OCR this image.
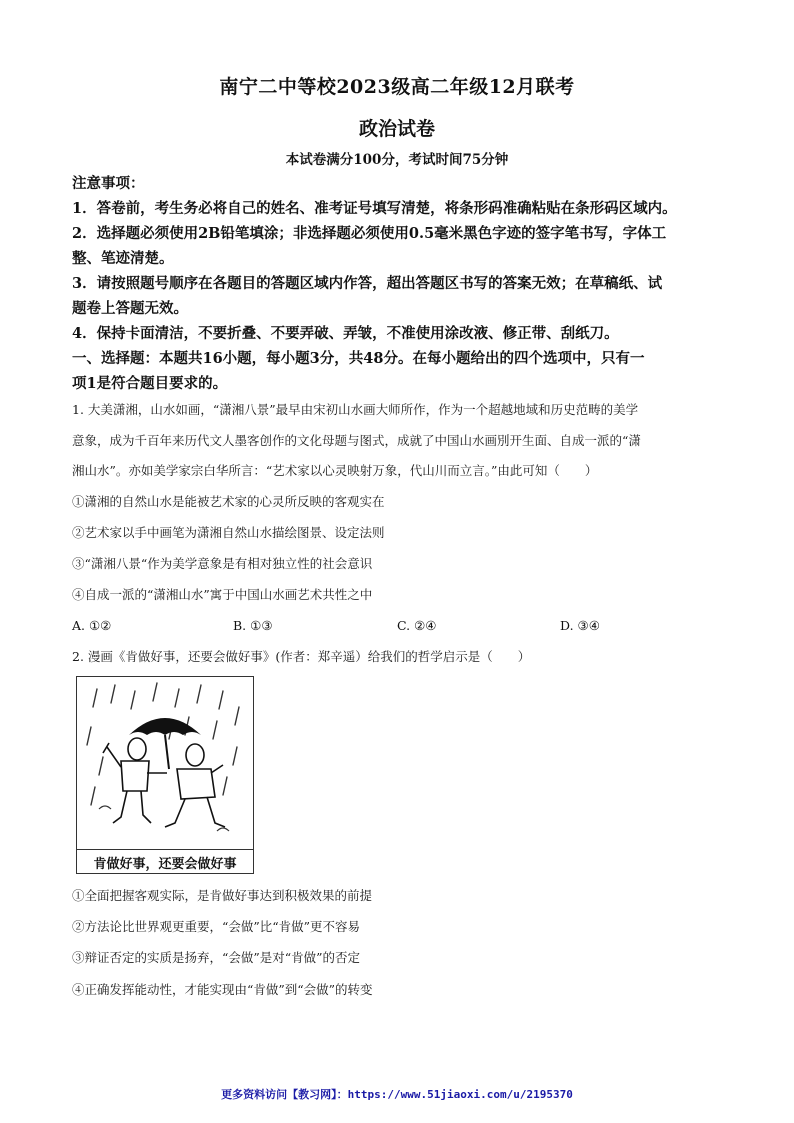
南宁二中等校2023级高二年级12月联考
政治试卷
本试卷满分100分，考试时间75分钟
注意事项：
1．答卷前，考生务必将自己的姓名、准考证号填写清楚，将条形码准确粘贴在条形码区域内。
2．选择题必须使用2B铅笔填涂；非选择题必须使用0.5毫米黑色字迹的签字笔书写，字体工
整、笔迹清楚。
3．请按照题号顺序在各题目的答题区域内作答，超出答题区书写的答案无效；在草稿纸、试
题卷上答题无效。
4．保持卡面清洁，不要折叠、不要弄破、弄皱，不准使用涂改液、修正带、刮纸刀。
一、选择题：本题共16小题，每小题3分，共48分。在每小题给出的四个选项中，只有一
项1是符合题目要求的。
1. 大美潇湘，山水如画，“潇湘八景”最早由宋初山水画大师所作，作为一个超越地域和历史范畴的美学
意象，成为千百年来历代文人墨客创作的文化母题与图式，成就了中国山水画別开生面、自成一派的“潇
湘山水”。亦如美学家宗白华所言：“艺术家以心灵映射万象，代山川而立言。”由此可知（　　）
①潇湘的自然山水是能被艺术家的心灵所反映的客观实在
②艺术家以手中画笔为潇湘自然山水描绘图景、设定法则
③“潇湘八景“作为美学意象是有相对独立性的社会意识
④自成一派的“潇湘山水”寓于中国山水画艺术共性之中
A. ①②	B. ①③	C. ②④	D. ③④
2. 漫画《肯做好事，还要会做好事》(作者：郑辛遥）给我们的哲学启示是（　　）
肯做好事，还要会做好事
①全面把握客观实际，是肯做好事达到积极效果的前提
②方法论比世界观更重要，“会做”比“肯做”更不容易
③辩证否定的实质是扬弃，“会做”是对“肯做”的否定
④正确发挥能动性，才能实现由“肯做”到“会做”的转变
更多资料访问【教习网】：https://www.51jiaoxi.com/u/2195370
